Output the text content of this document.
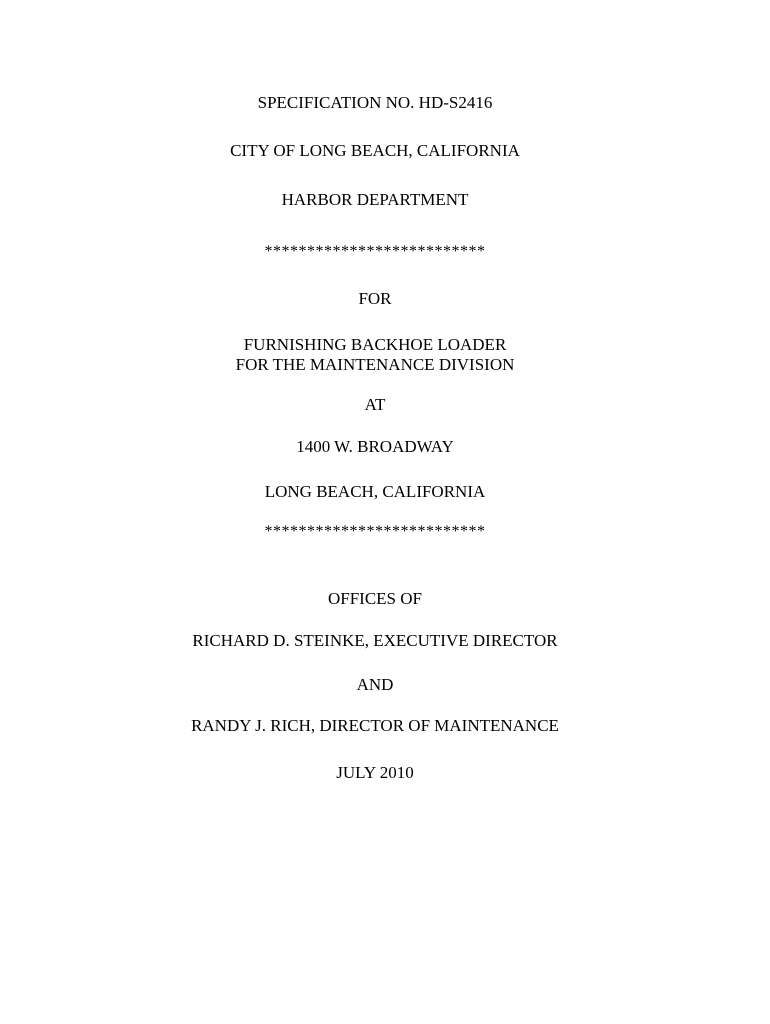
SPECIFICATION NO. HD-S2416
CITY OF LONG BEACH, CALIFORNIA
HARBOR DEPARTMENT
**************************
FOR
FURNISHING BACKHOE LOADER
FOR THE MAINTENANCE DIVISION
AT
1400 W. BROADWAY
LONG BEACH, CALIFORNIA
**************************
OFFICES OF
RICHARD D. STEINKE, EXECUTIVE DIRECTOR
AND
RANDY J. RICH, DIRECTOR OF MAINTENANCE
JULY 2010
